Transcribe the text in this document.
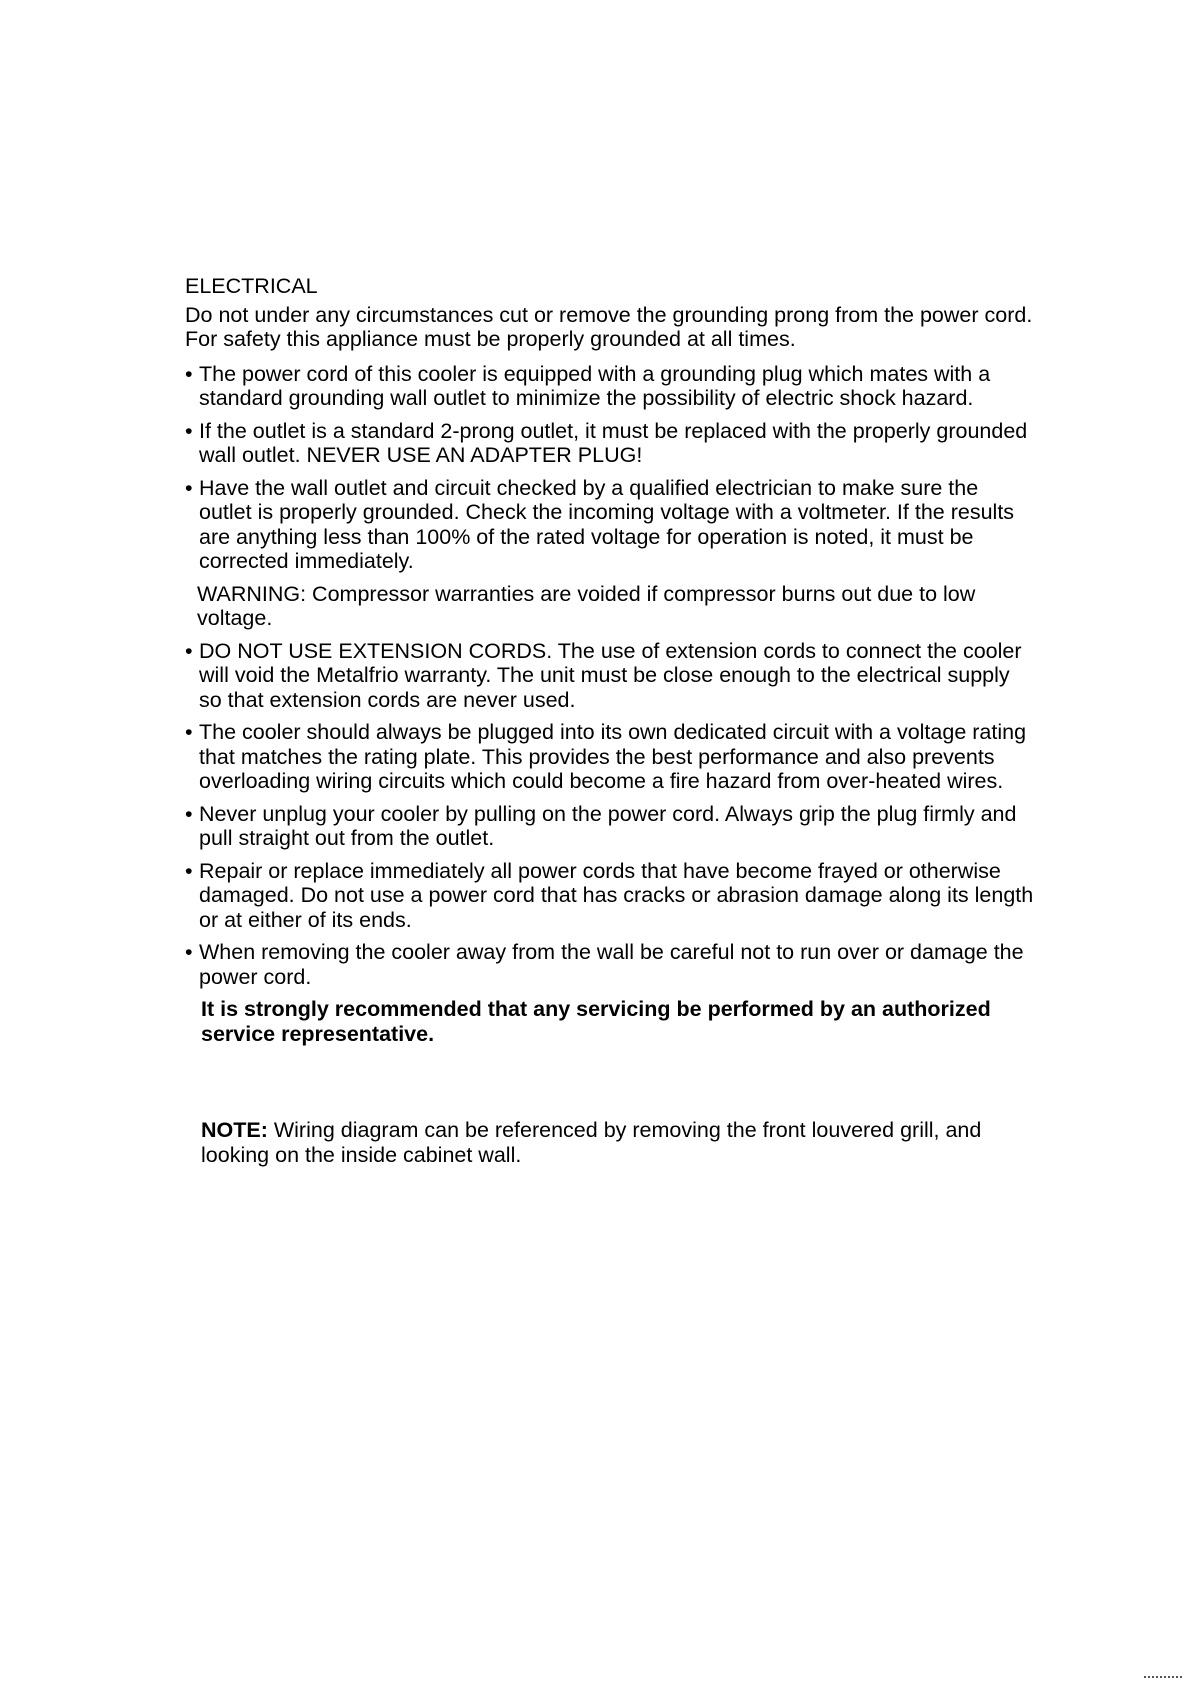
ELECTRICAL

Do not under any circumstances cut or remove the grounding prong from the power cord. For safety this appliance must be properly grounded at all times.

• The power cord of this cooler is equipped with a grounding plug which mates with a standard grounding wall outlet to minimize the possibility of electric shock hazard.
• If the outlet is a standard 2-prong outlet, it must be replaced with the properly grounded wall outlet. NEVER USE AN ADAPTER PLUG!
• Have the wall outlet and circuit checked by a qualified electrician to make sure the outlet is properly grounded. Check the incoming voltage with a voltmeter. If the results are anything less than 100% of the rated voltage for operation is noted, it must be corrected immediately.

WARNING: Compressor warranties are voided if compressor burns out due to low voltage.

• DO NOT USE EXTENSION CORDS. The use of extension cords to connect the cooler will void the Metalfrio warranty. The unit must be close enough to the electrical supply so that extension cords are never used.
• The cooler should always be plugged into its own dedicated circuit with a voltage rating that matches the rating plate. This provides the best performance and also prevents overloading wiring circuits which could become a fire hazard from over-heated wires.
• Never unplug your cooler by pulling on the power cord. Always grip the plug firmly and pull straight out from the outlet.
• Repair or replace immediately all power cords that have become frayed or otherwise damaged. Do not use a power cord that has cracks or abrasion damage along its length or at either of its ends.
• When removing the cooler away from the wall be careful not to run over or damage the power cord.

It is strongly recommended that any servicing be performed by an authorized service representative.

NOTE: Wiring diagram can be referenced by removing the front louvered grill, and looking on the inside cabinet wall.
